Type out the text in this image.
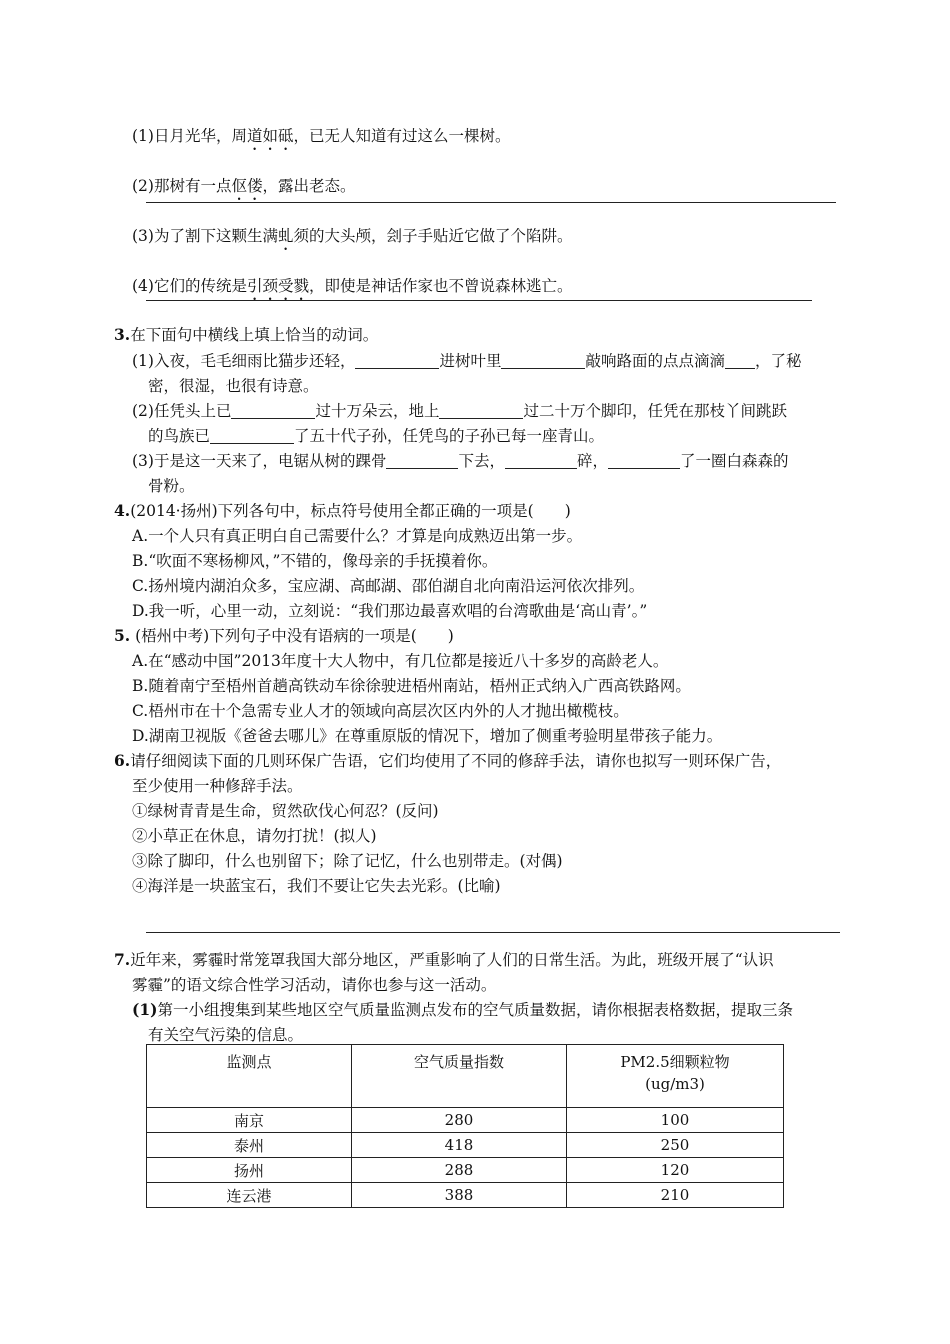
(1)日月光华，周道如砥，已无人知道有过这么一棵树。
(2)那树有一点伛偻，露出老态。
(3)为了割下这颗生满虬须的大头颅，刽子手贴近它做了个陷阱。
(4)它们的传统是引颈受戮，即使是神话作家也不曾说森林逃亡。
3.在下面句中横线上填上恰当的动词。
(1)入夜，毛毛细雨比猫步还轻，	进树叶里	敲响路面的点点滴滴 ，了秘
密，很湿，也很有诗意。
(2)任凭头上已	过十万朵云，地上	过二十万个脚印，任凭在那枝丫间跳跃
的鸟族已	了五十代子孙，任凭鸟的子孙已每一座青山。
(3)于是这一天来了，电锯从树的踝骨	下去，	碎，	了一圈白森森的
骨粉。
4.(2014·扬州)下列各句中，标点符号使用全都正确的一项是(　　)
A.一个人只有真正明白自己需要什么？才算是向成熟迈出第一步。
B.“吹面不寒杨柳风，”不错的，像母亲的手抚摸着你。
C.扬州境内湖泊众多，宝应湖、高邮湖、邵伯湖自北向南沿运河依次排列。
D.我一听，心里一动，立刻说：“我们那边最喜欢唱的台湾歌曲是‘高山青’。”
5. (梧州中考)下列句子中没有语病的一项是(　　)
A.在“感动中国”2013年度十大人物中，有几位都是接近八十多岁的高龄老人。
B.随着南宁至梧州首趟高铁动车徐徐驶进梧州南站，梧州正式纳入广西高铁路网。
C.梧州市在十个急需专业人才的领域向高层次区内外的人才抛出橄榄枝。
D.湖南卫视版《爸爸去哪儿》在尊重原版的情况下，增加了侧重考验明星带孩子能力。
6.请仔细阅读下面的几则环保广告语，它们均使用了不同的修辞手法，请你也拟写一则环保广告，
至少使用一种修辞手法。
①绿树青青是生命，贸然砍伐心何忍？(反问)
②小草正在休息，请勿打扰！(拟人)
③除了脚印，什么也别留下；除了记忆，什么也别带走。(对偶)
④海洋是一块蓝宝石，我们不要让它失去光彩。(比喻)
7.近年来，雾霾时常笼罩我国大部分地区，严重影响了人们的日常生活。为此，班级开展了“认识
雾霾”的语文综合性学习活动，请你也参与这一活动。
(1)第一小组搜集到某些地区空气质量监测点发布的空气质量数据，请你根据表格数据，提取三条
有关空气污染的信息。
监测点	空气质量指数	PM2.5细颗粒物
(ug/m3)
南京	280	100
泰州	418	250
扬州	288	120
连云港	388	210
